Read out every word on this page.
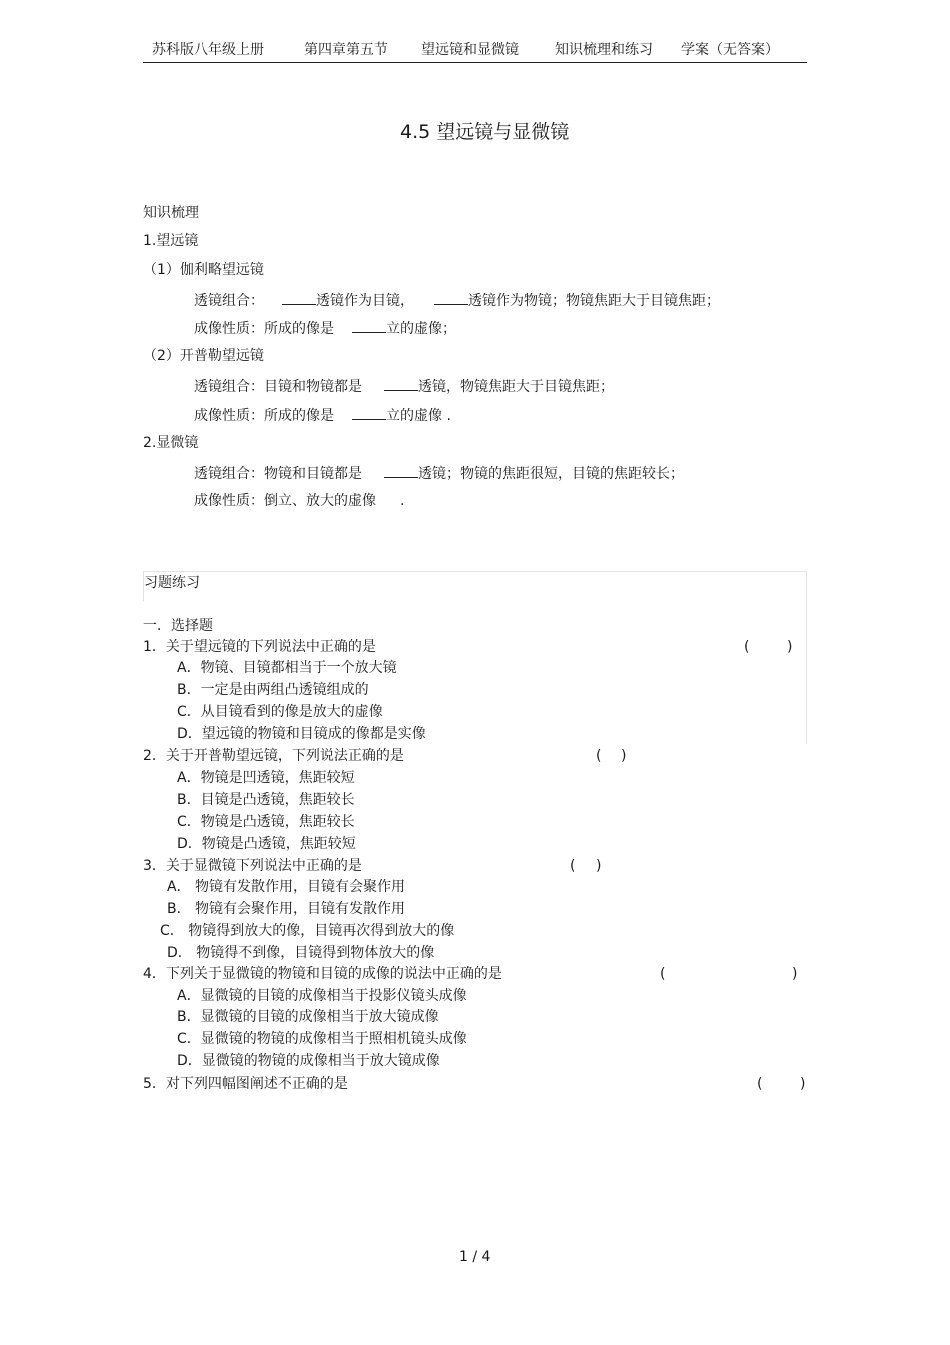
苏科版八年级上册	第四章第五节 望远镜和显微镜	知识梳理和练习 学案（无答案）
4.5 望远镜与显微镜
知识梳理
1.望远镜
（1）伽利略望远镜
透镜组合：	透镜作为目镜，	透镜作为物镜；物镜焦距大于目镜焦距；
成像性质：所成的像是	立的虚像；
（2）开普勒望远镜
透镜组合：目镜和物镜都是	透镜，物镜焦距大于目镜焦距；
成像性质：所成的像是	立的虚像 .
2.显微镜
透镜组合：物镜和目镜都是	透镜；物镜的焦距很短，目镜的焦距较长；
成像性质：倒立、放大的虚像 .
习题练习
一．选择题
1．关于望远镜的下列说法中正确的是	(	)
A．物镜、目镜都相当于一个放大镜
B．一定是由两组凸透镜组成的
C．从目镜看到的像是放大的虚像
D．望远镜的物镜和目镜成的像都是实像
2．关于开普勒望远镜，下列说法正确的是	( )
A．物镜是凹透镜，焦距较短
B．目镜是凸透镜，焦距较长
C．物镜是凸透镜，焦距较长
D．物镜是凸透镜，焦距较短
3．关于显微镜下列说法中正确的是	( )
A． 物镜有发散作用，目镜有会聚作用
B． 物镜有会聚作用，目镜有发散作用
C． 物镜得到放大的像，目镜再次得到放大的像
D． 物镜得不到像，目镜得到物体放大的像
4．下列关于显微镜的物镜和目镜的成像的说法中正确的是	(	)
A．显微镜的目镜的成像相当于投影仪镜头成像
B．显微镜的目镜的成像相当于放大镜成像
C．显微镜的物镜的成像相当于照相机镜头成像
D．显微镜的物镜的成像相当于放大镜成像
5．对下列四幅图阐述不正确的是	(	)
1 / 4
